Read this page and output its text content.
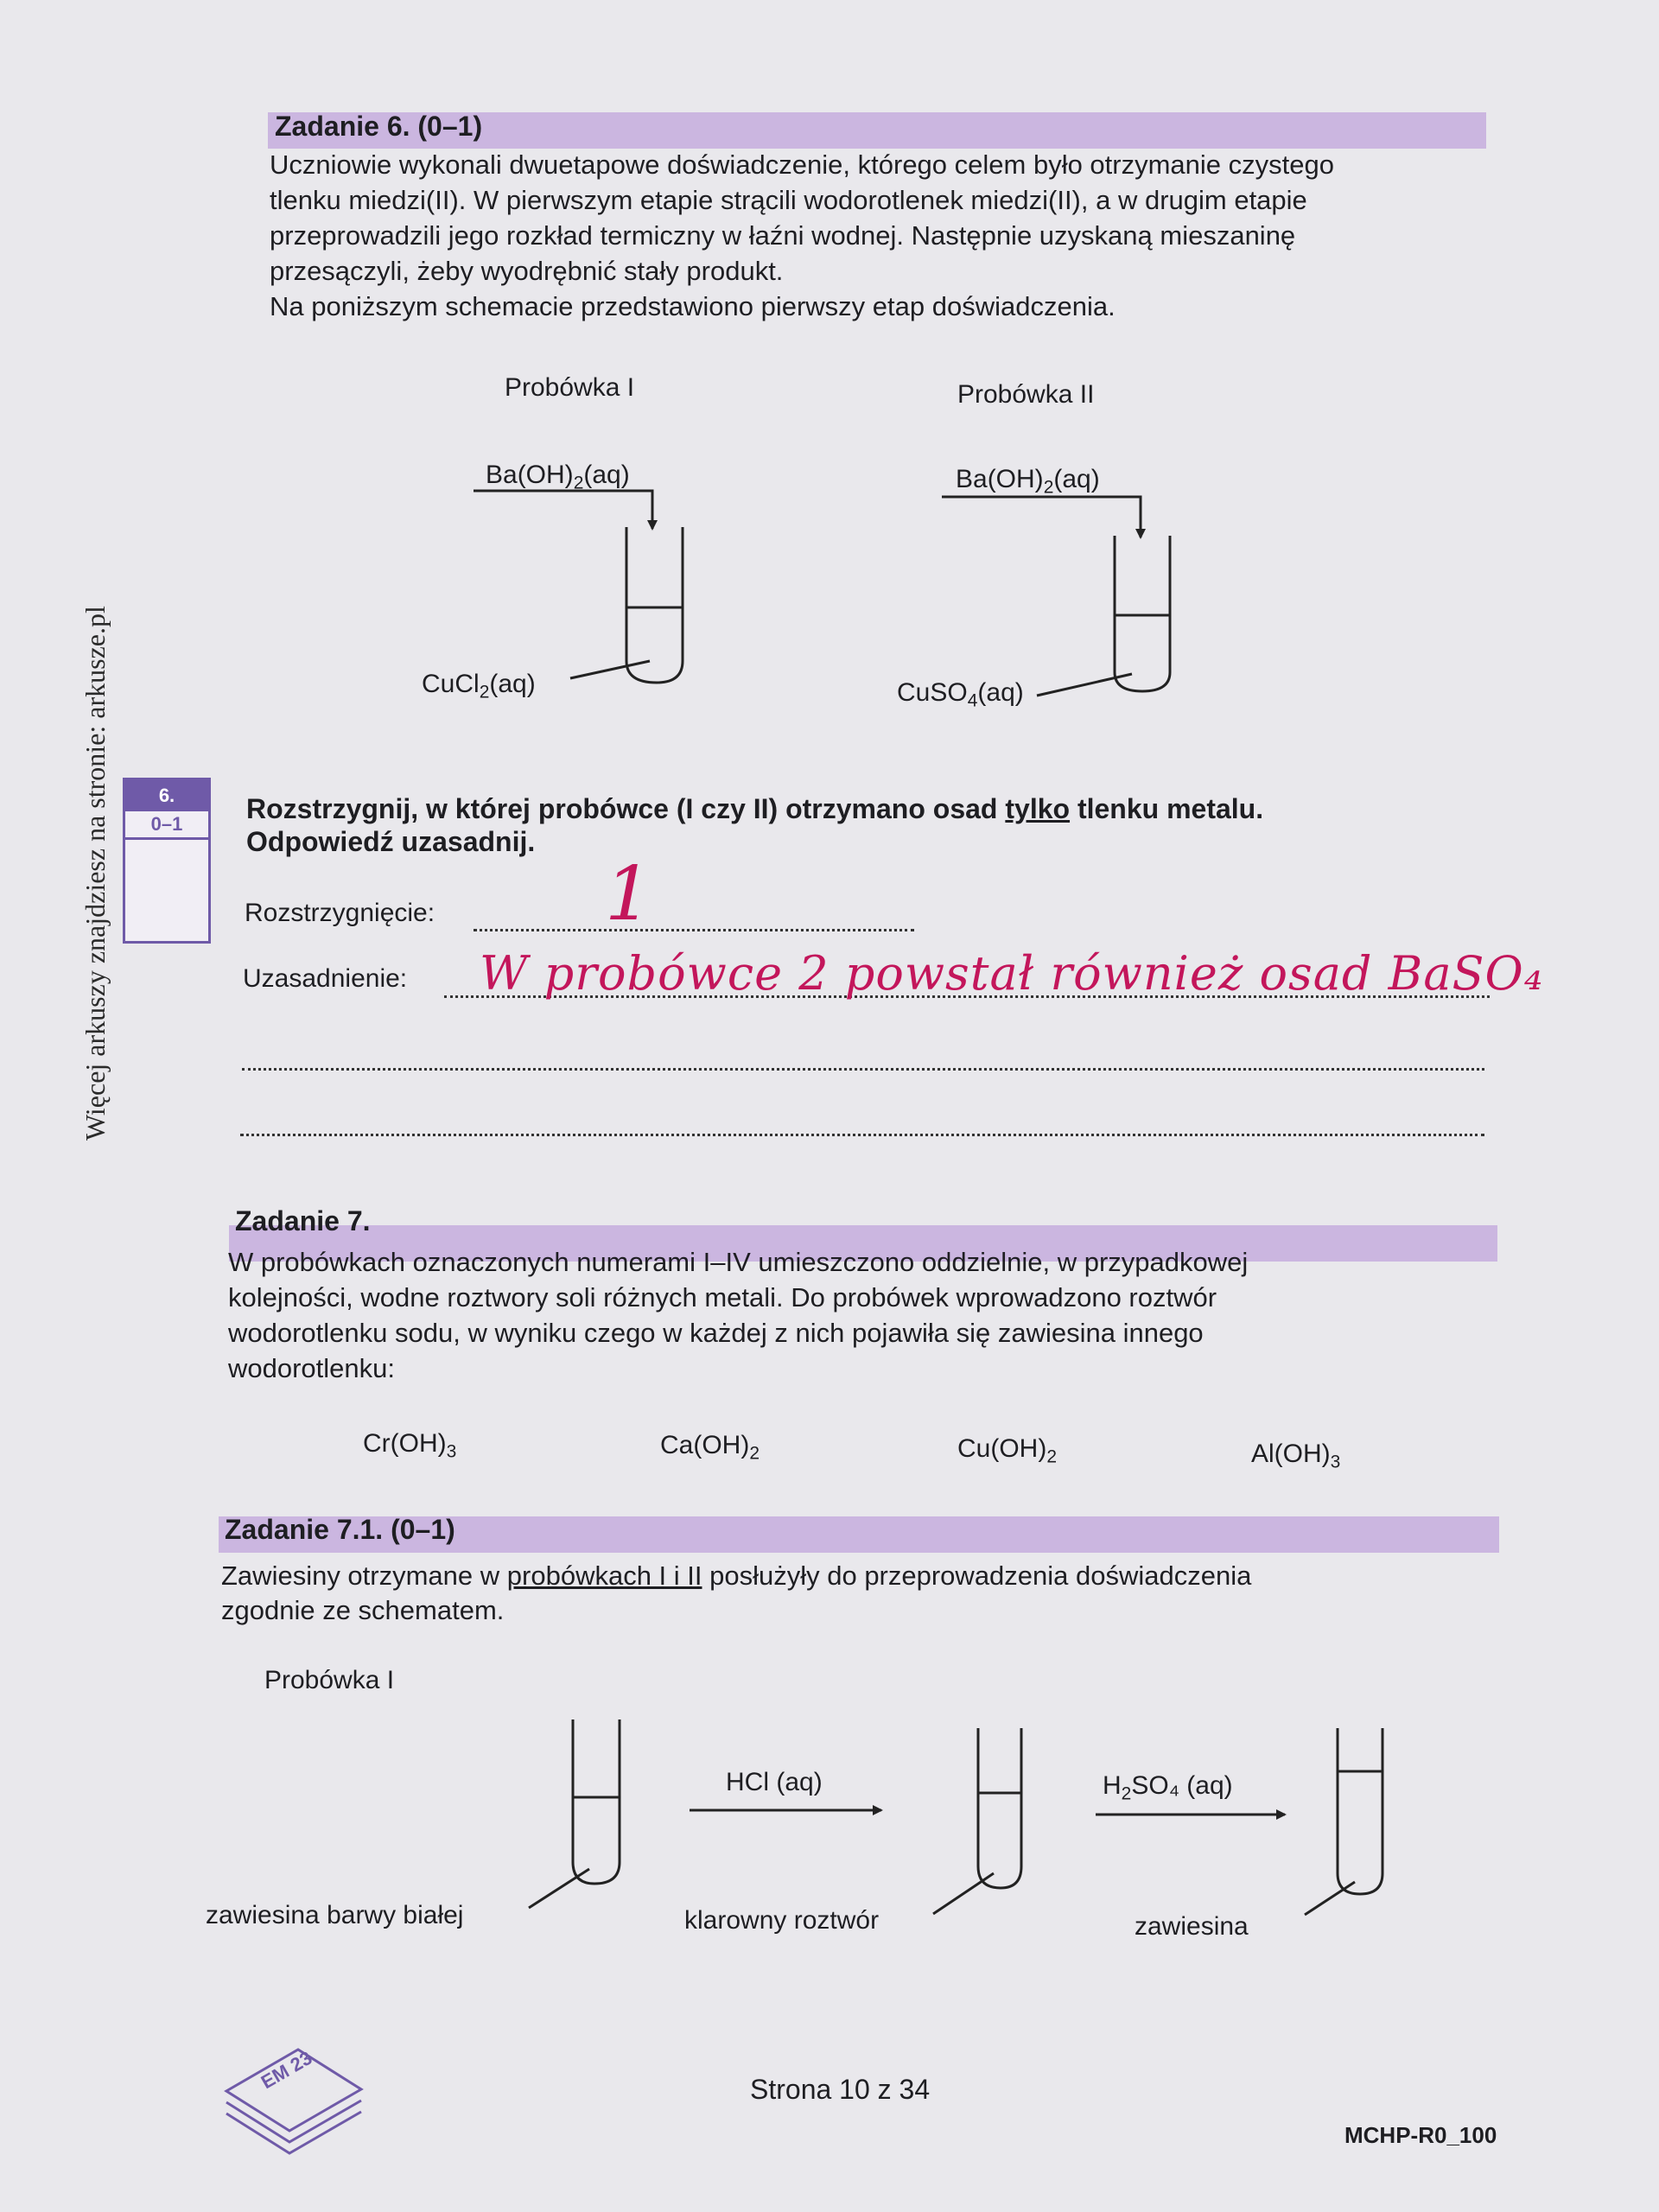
Więcej arkuszy znajdziesz na stronie: arkusze.pl
Zadanie 6. (0–1)
Uczniowie wykonali dwuetapowe doświadczenie, którego celem było otrzymanie czystego
tlenku miedzi(II). W pierwszym etapie strącili wodorotlenek miedzi(II), a w drugim etapie
przeprowadzili jego rozkład termiczny w łaźni wodnej. Następnie uzyskaną mieszaninę
przesączyli, żeby wyodrębnić stały produkt.
Na poniższym schemacie przedstawiono pierwszy etap doświadczenia.
Probówka I	Probówka II
$Ba(OH)_2(aq)$	$Ba(OH)_2(aq)$
CuCl$_2$(aq)	CuSO$_4$(aq)
6.
0–1	Rozstrzygnij, w której probówce (I czy II) otrzymano osad tylko tlenku metalu.
Odpowiedź uzasadnij.
Rozstrzygnięcie: 1
Uzasadnienie: W probówce 2 powstał również osad BaSO₄
Zadanie 7.
W probówkach oznaczonych numerami I–IV umieszczono oddzielnie, w przypadkowej
kolejności, wodne roztwory soli różnych metali. Do probówek wprowadzono roztwór
wodorotlenku sodu, w wyniku czego w każdej z nich pojawiła się zawiesina innego
wodorotlenku:
$Cr(OH)_3$	$Ca(OH)_2$	$Cu(OH)_2$	$Al(OH)_3$
Zadanie 7.1. (0–1)
Zawiesiny otrzymane w probówkach I i II posłużyły do przeprowadzenia doświadczenia
zgodnie ze schematem.
Probówka I
HCl (aq)	$H_2SO_4$ (aq)
zawiesina barwy białej	klarowny roztwór	zawiesina
EM 23	Strona 10 z 34
MCHP-R0_100
